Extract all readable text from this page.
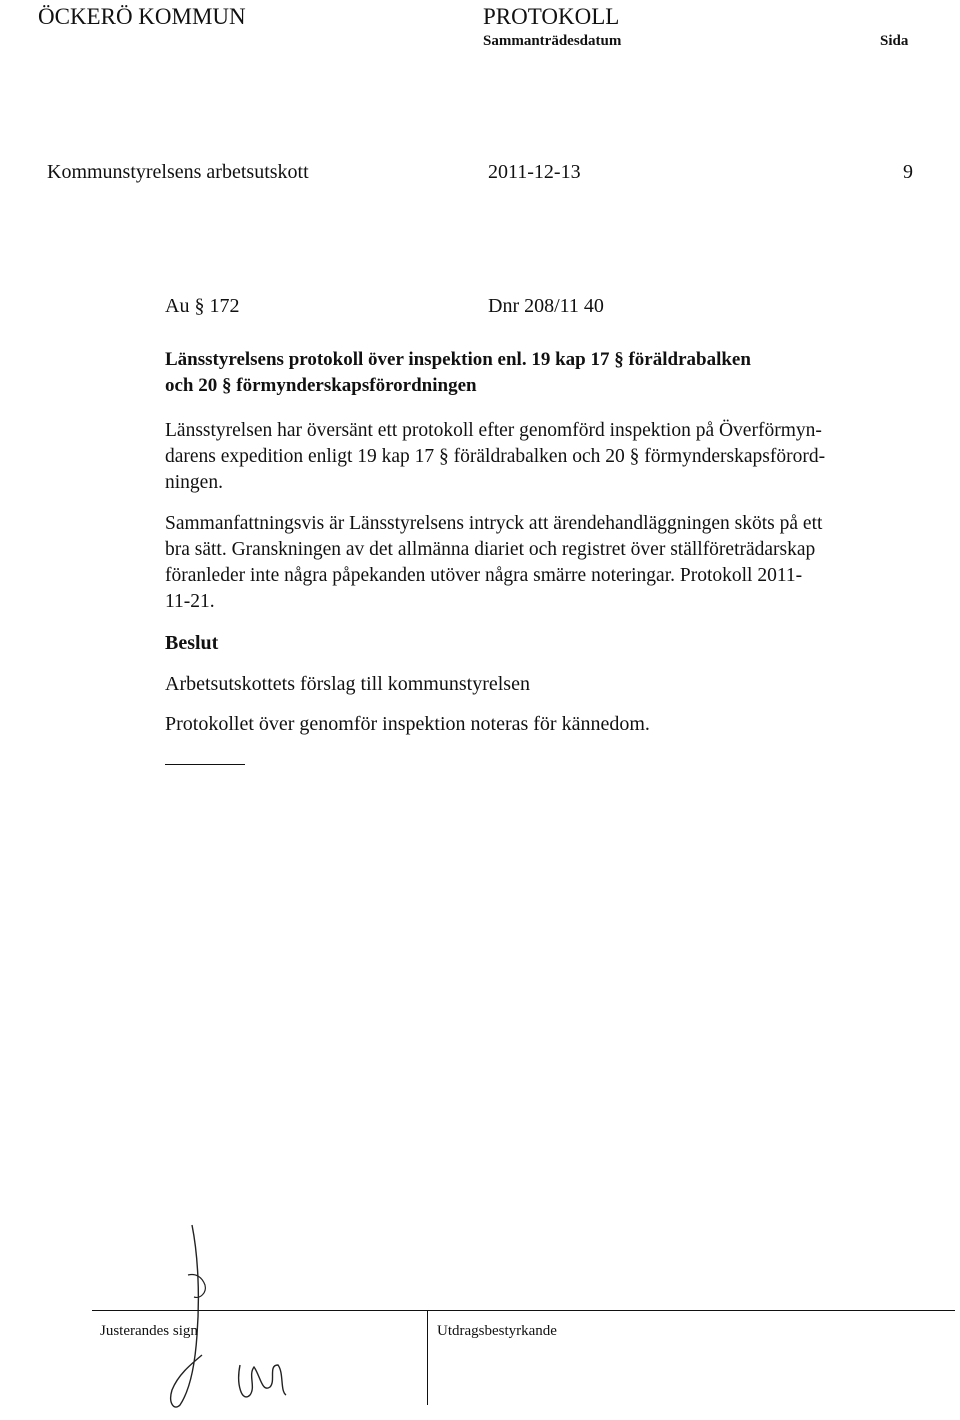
ÖCKERÖ KOMMUN	PROTOKOLL
Sammanträdesdatum	Sida
Kommunstyrelsens arbetsutskott	2011-12-13	9
Au § 172	Dnr 208/11 40
Länsstyrelsens protokoll över inspektion enl. 19 kap 17 § föräldrabalken
och 20 § förmynderskapsförordningen
Länsstyrelsen har översänt ett protokoll efter genomförd inspektion på Överförmyn-
darens expedition enligt 19 kap 17 § föräldrabalken och 20 § förmynderskapsförord-
ningen.
Sammanfattningsvis är Länsstyrelsens intryck att ärendehandläggningen sköts på ett
bra sätt. Granskningen av det allmänna diariet och registret över ställföreträdarskap
föranleder inte några påpekanden utöver några smärre noteringar. Protokoll 2011-
11-21.
Beslut
Arbetsutskottets förslag till kommunstyrelsen
Protokollet över genomför inspektion noteras för kännedom.
Justerandes sign	Utdragsbestyrkande
